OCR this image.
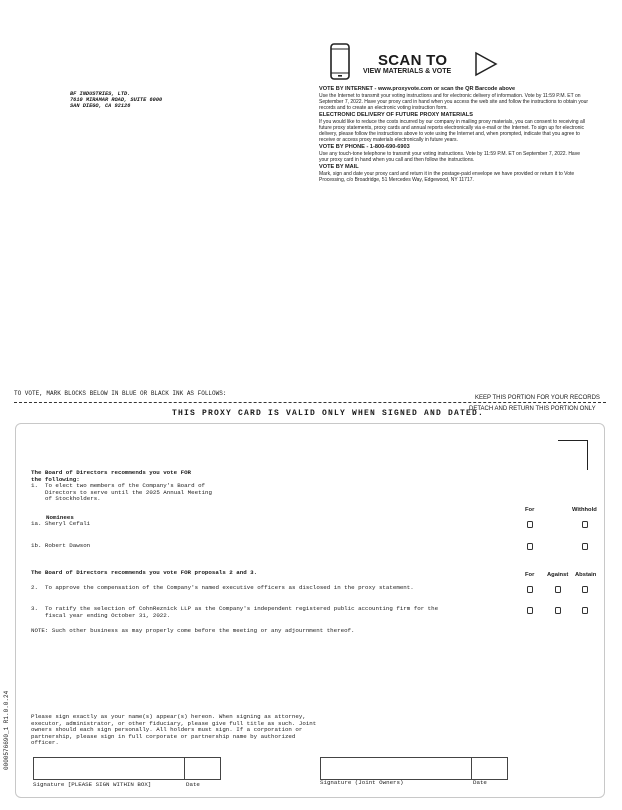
BF INDUSTRIES, LTD.
7610 MIRAMAR ROAD, SUITE 6000
SAN DIEGO, CA 92126
SCAN TO
VIEW MATERIALS & VOTE
VOTE BY INTERNET - www.proxyvote.com or scan the QR Barcode above

Use the Internet to transmit your voting instructions and for electronic delivery of information. Vote by 11:59 P.M. ET on September 7, 2022. Have your proxy card in hand when you access the web site and follow the instructions to obtain your records and to create an electronic voting instruction form.

ELECTRONIC DELIVERY OF FUTURE PROXY MATERIALS

If you would like to reduce the costs incurred by our company in mailing proxy materials, you can consent to receiving all future proxy statements, proxy cards and annual reports electronically via e-mail or the Internet. To sign up for electronic delivery, please follow the instructions above to vote using the Internet and, when prompted, indicate that you agree to receive or access proxy materials electronically in future years.

VOTE BY PHONE - 1-800-690-6903

Use any touch-tone telephone to transmit your voting instructions. Vote by 11:59 P.M. ET on September 7, 2022. Have your proxy card in hand when you call and then follow the instructions.

VOTE BY MAIL

Mark, sign and date your proxy card and return it in the postage-paid envelope we have provided or return it to Vote Processing, c/o Broadridge, 51 Mercedes Way, Edgewood, NY 11717.

TO VOTE, MARK BLOCKS BELOW IN BLUE OR BLACK INK AS FOLLOWS:
KEEP THIS PORTION FOR YOUR RECORDS
THIS PROXY CARD IS VALID ONLY WHEN SIGNED AND DATED.
DETACH AND RETURN THIS PORTION ONLY
The Board of Directors recommends you vote FOR
the following:
1.	To elect two members of the Company's Board of Directors to serve until the 2025 Annual Meeting of Stockholders.
Nominees
1a. Sheryl Cefali
1b. Robert Dawson
For	Withhold
The Board of Directors recommends you vote FOR proposals 2 and 3.	For Against Abstain
2.	To approve the compensation of the Company's named executive officers as disclosed in the proxy statement.
3.	To ratify the selection of CohnReznick LLP as the Company's independent registered public accounting firm for the fiscal year ending October 31, 2022.
NOTE: Such other business as may properly come before the meeting or any adjournment thereof.
Please sign exactly as your name(s) appear(s) hereon. When signing as attorney, executor, administrator, or other fiduciary, please give full title as such. Joint owners should each sign personally. All holders must sign. If a corporation or partnership, please sign in full corporate or partnership name by authorized officer.
Signature [PLEASE SIGN WITHIN BOX]	Date	Signature (Joint Owners)	Date
0000576690_1 R1.0.0.24
